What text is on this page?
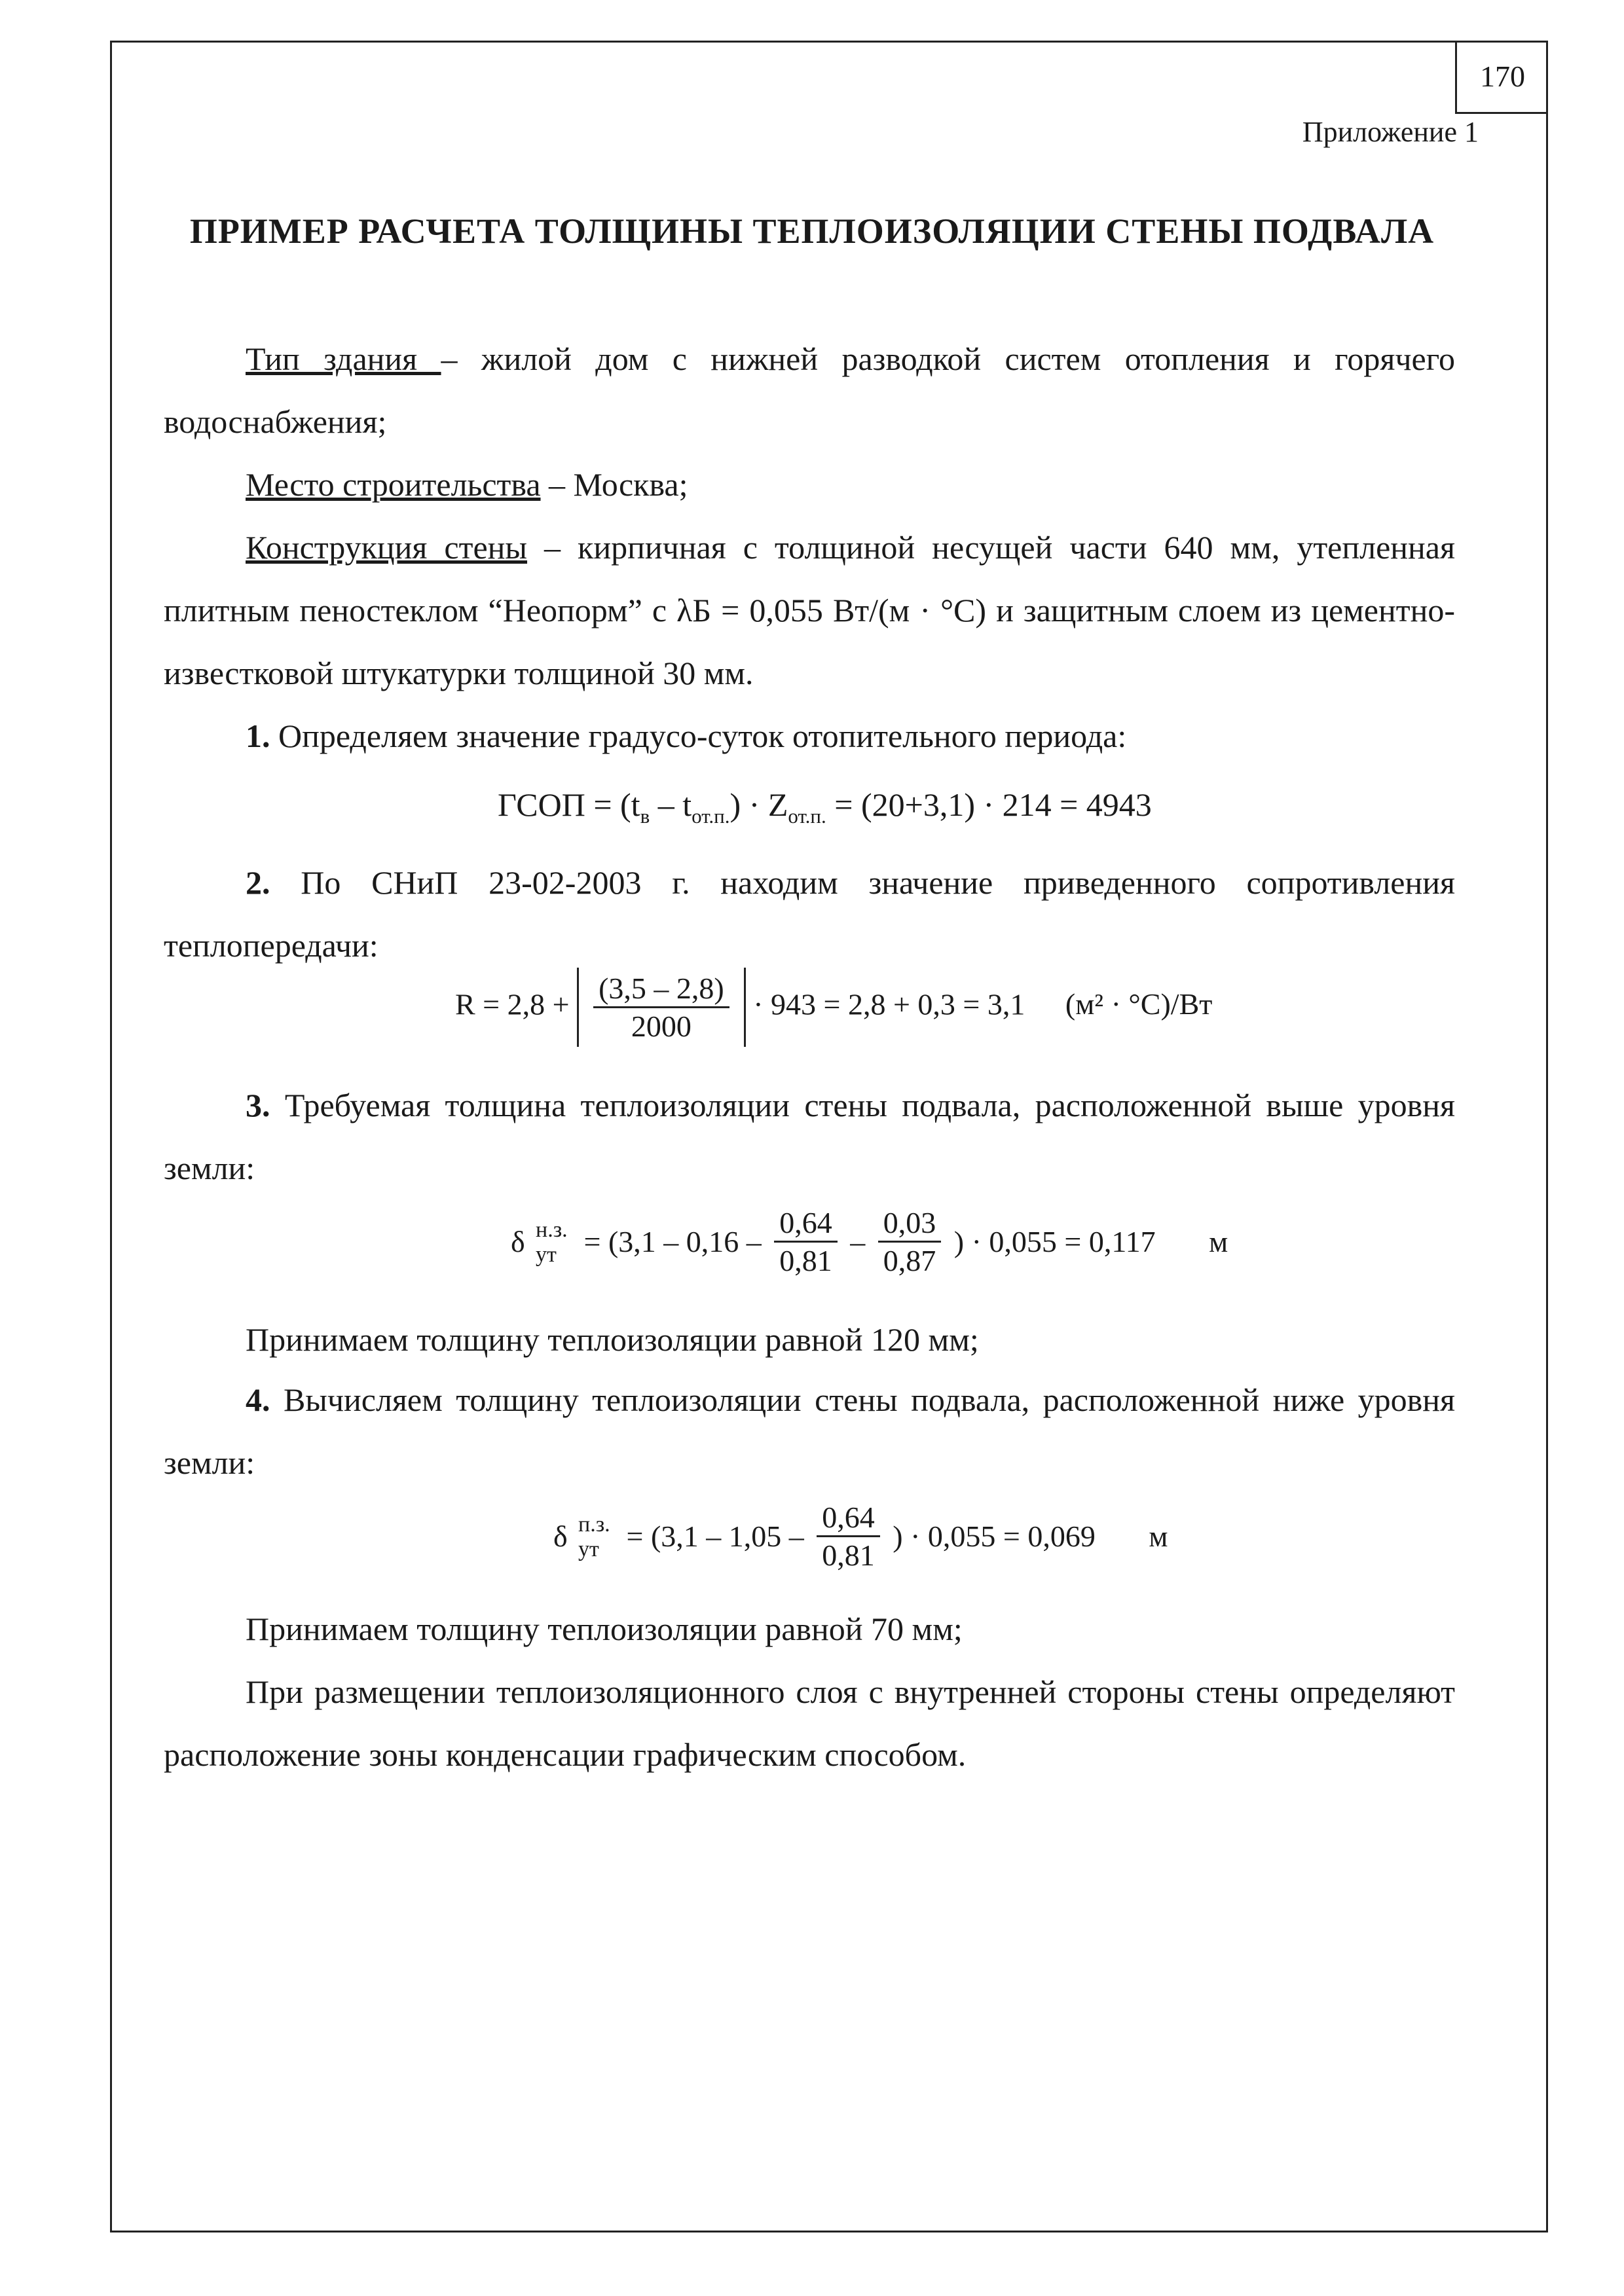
170
Приложение 1
ПРИМЕР РАСЧЕТА ТОЛЩИНЫ ТЕПЛОИЗОЛЯЦИИ СТЕНЫ ПОДВАЛА
Тип здания – жилой дом с нижней разводкой систем отопления и горячего водоснабжения;
Место строительства – Москва;
Конструкция стены – кирпичная с толщиной несущей части 640 мм, утепленная плитным пеностеклом “Неопорм” с λБ = 0,055 Вт/(м · °С) и защитным слоем из цементно-известковой штукатурки толщиной 30 мм.
1. Определяем значение градусо-суток отопительного периода:
ГСОП = $(t_в - t_{от.п.}) \cdot Z_{от.п.} = (20+3,1) \cdot 214 = 4943$
2. По СНиП 23-02-2003 г. находим значение приведенного сопротивления теплопередачи:
$R = 2,8 + \frac{(3,5 - 2,8)}{2000} \cdot 943 = 2,8 + 0,3 = 3,1$ (м² · °С)/Вт
3. Требуемая толщина теплоизоляции стены подвала, расположенной выше уровня земли:
δ н.з.
ут = ($3,1 - 0,16 - \frac{0,64}{0,81} - \frac{0,03}{0,87}$ ) · 0,055 = 0,117 м
Принимаем толщину теплоизоляции равной 120 мм;
4. Вычисляем толщину теплоизоляции стены подвала, расположенной ниже уровня земли:
δ п.з.
ут = ($3,1 - 1,05 - \frac{0,64}{0,81}$ ) · 0,055 = 0,069 м
Принимаем толщину теплоизоляции равной 70 мм;
При размещении теплоизоляционного слоя с внутренней стороны стены определяют расположение зоны конденсации графическим способом.
